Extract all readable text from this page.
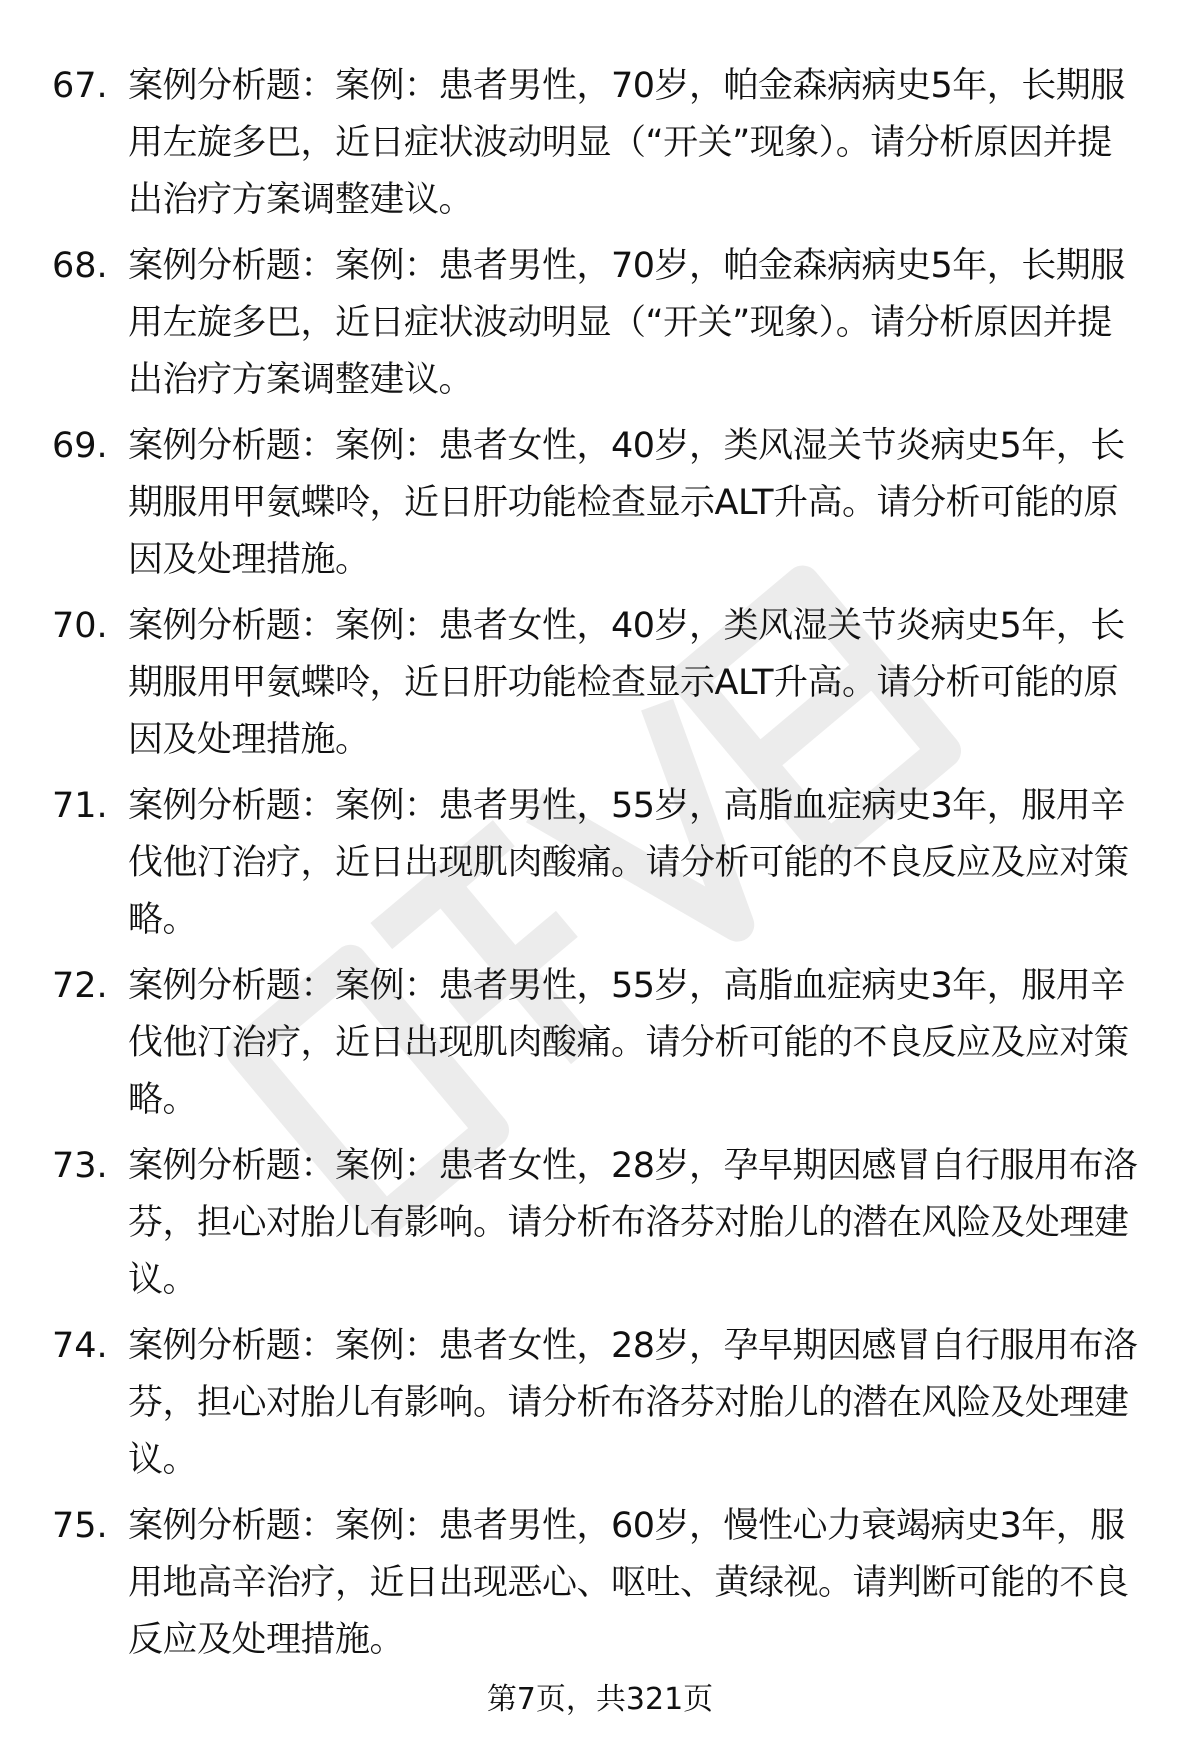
67. 案例分析题：案例：患者男性，70岁，帕金森病病史5年，长期服用左旋多巴，近日症状波动明显（“开关”现象）。请分析原因并提出治疗方案调整建议。
68. 案例分析题：案例：患者男性，70岁，帕金森病病史5年，长期服用左旋多巴，近日症状波动明显（“开关”现象）。请分析原因并提出治疗方案调整建议。
69. 案例分析题：案例：患者女性，40岁，类风湿关节炎病史5年，长期服用甲氨蝶呤，近日肝功能检查显示ALT升高。请分析可能的原因及处理措施。
70. 案例分析题：案例：患者女性，40岁，类风湿关节炎病史5年，长期服用甲氨蝶呤，近日肝功能检查显示ALT升高。请分析可能的原因及处理措施。
71. 案例分析题：案例：患者男性，55岁，高脂血症病史3年，服用辛伐他汀治疗，近日出现肌肉酸痛。请分析可能的不良反应及应对策略。
72. 案例分析题：案例：患者男性，55岁，高脂血症病史3年，服用辛伐他汀治疗，近日出现肌肉酸痛。请分析可能的不良反应及应对策略。
73. 案例分析题：案例：患者女性，28岁，孕早期因感冒自行服用布洛芬，担心对胎儿有影响。请分析布洛芬对胎儿的潜在风险及处理建议。
74. 案例分析题：案例：患者女性，28岁，孕早期因感冒自行服用布洛芬，担心对胎儿有影响。请分析布洛芬对胎儿的潜在风险及处理建议。
75. 案例分析题：案例：患者男性，60岁，慢性心力衰竭病史3年，服用地高辛治疗，近日出现恶心、呕吐、黄绿视。请判断可能的不良反应及处理措施。
第7页，共321页
